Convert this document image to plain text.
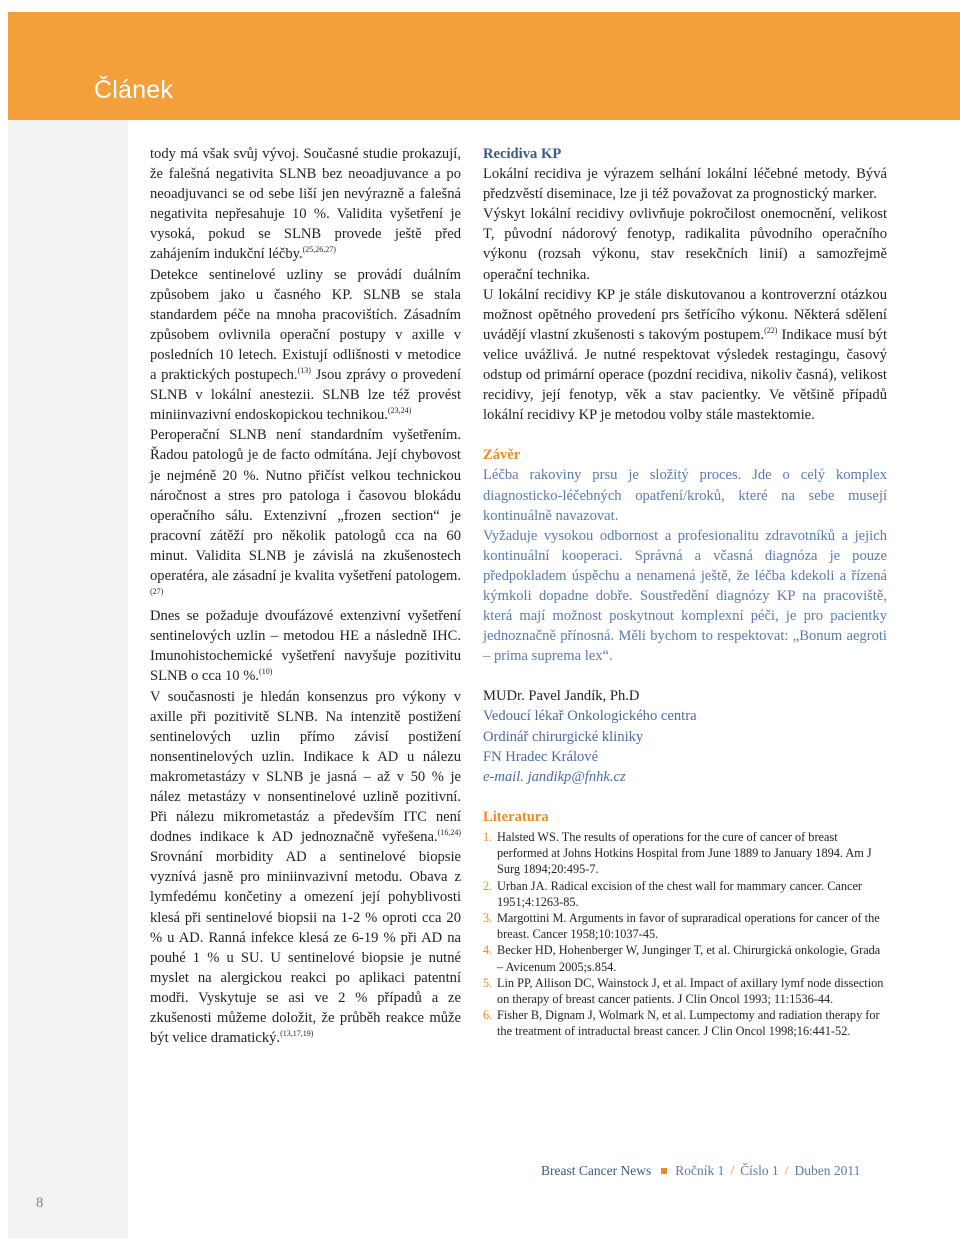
Článek

tody má však svůj vývoj. Současné studie prokazují, že falešná negativita SLNB bez neoadjuvance a po neoadjuvanci se od sebe liší jen nevýrazně a falešná negativita nepřesahuje 10 %. Validita vyšetření je vysoká, pokud se SLNB provede ještě před zahájením indukční léčby.$^{(25,26,27)}$

Detekce sentinelové uzliny se provádí duálním způsobem jako u časného KP. SLNB se stala standardem péče na mnoha pracovištích. Zásadním způsobem ovlivnila operační postupy v axille v posledních 10 letech. Existují odlišnosti v metodice a praktických postupech.$^{(13)}$ Jsou zprávy o provedení SLNB v lokální anestezii. SLNB lze též provést miniinvazivní endoskopickou technikou.$^{(23,24)}$

Peroperační SLNB není standardním vyšetřením. Řadou patologů je de facto odmítána. Její chybovost je nejméně 20 %. Nutno přičíst velkou technickou náročnost a stres pro patologa i časovou blokádu operačního sálu. Extenzivní „frozen section“ je pracovní zátěží pro několik patologů cca na 60 minut. Validita SLNB je závislá na zkušenostech operatéra, ale zásadní je kvalita vyšetření patologem.$^{(27)}$

Dnes se požaduje dvoufázové extenzivní vyšetření sentinelových uzlin – metodou HE a následně IHC. Imunohistochemické vyšetření navyšuje pozitivitu SLNB o cca 10 %.$^{(10)}$

V současnosti je hledán konsenzus pro výkony v axille při pozitivitě SLNB. Na intenzitě postižení sentinelových uzlin přímo závisí postižení nonsentinelových uzlin. Indikace k AD u nálezu makrometastázy v SLNB je jasná – až v 50 % je nález metastázy v nonsentinelové uzlině pozitivní. Při nálezu mikrometastáz a především ITC není dodnes indikace k AD jednoznačně vyřešena.$^{(16,24)}$ Srovnání morbidity AD a sentinelové biopsie vyznívá jasně pro miniinvazivní metodu. Obava z lymfedému končetiny a omezení její pohyblivosti klesá při sentinelové biopsii na 1-2 % oproti cca 20 % u AD. Ranná infekce klesá ze 6-19 % při AD na pouhé 1 % u SU. U sentinelové biopsie je nutné myslet na alergickou reakci po aplikaci patentní modři. Vyskytuje se asi ve 2 % případů a ze zkušenosti můžeme doložit, že průběh reakce může být velice dramatický.$^{(13,17,19)}$

Recidiva KP

Lokální recidiva je výrazem selhání lokální léčebné metody. Bývá předzvěstí diseminace, lze ji též považovat za prognostický marker.

Výskyt lokální recidivy ovlivňuje pokročilost onemocnění, velikost T, původní nádorový fenotyp, radikalita původního operačního výkonu (rozsah výkonu, stav resekčních linií) a samozřejmě operační technika.

U lokální recidivy KP je stále diskutovanou a kontroverzní otázkou možnost opětného provedení prs šetřícího výkonu. Některá sdělení uvádějí vlastní zkušenosti s takovým postupem.$^{(22)}$ Indikace musí být velice uvážlivá. Je nutné respektovat výsledek restagingu, časový odstup od primární operace (pozdní recidiva, nikoliv časná), velikost recidivy, její fenotyp, věk a stav pacientky. Ve většině případů lokální recidivy KP je metodou volby stále mastektomie.

Závěr

Léčba rakoviny prsu je složitý proces. Jde o celý komplex diagnosticko-léčebných opatření/kroků, které na sebe musejí kontinuálně navazovat.

Vyžaduje vysokou odbornost a profesionalitu zdravotníků a jejich kontinuální kooperaci. Správná a včasná diagnóza je pouze předpokladem úspěchu a nenamená ještě, že léčba kdekoli a řízená kýmkoli dopadne dobře. Soustředění diagnózy KP na pracoviště, která mají možnost poskytnout komplexní péči, je pro pacientky jednoznačně přínosná. Měli bychom to respektovat: „Bonum aegroti – prima suprema lex“.

MUDr. Pavel Jandík, Ph.D
Vedoucí lékař Onkologického centra
Ordinář chirurgické kliniky
FN Hradec Králové
e-mail. jandikp@fnhk.cz
Literatura
1. Halsted WS. The results of operations for the cure of cancer of breast performed at Johns Hotkins Hospital from June 1889 to January 1894. Am J Surg 1894;20:495-7.
2. Urban JA. Radical excision of the chest wall for mammary cancer. Cancer 1951;4:1263-85.
3. Margottini M. Arguments in favor of supraradical operations for cancer of the breast. Cancer 1958;10:1037-45.
4. Becker HD, Hohenberger W, Junginger T, et al. Chirurgická onkologie, Grada – Avicenum 2005;s.854.
5. Lin PP, Allison DC, Wainstock J, et al. Impact of axillary lymf node dissection on therapy of breast cancer patients. J Clin Oncol 1993; 11:1536-44.
6. Fisher B, Dignam J, Wolmark N, et al. Lumpectomy and radiation therapy for the treatment of intraductal breast cancer. J Clin Oncol 1998;16:441-52.
Breast Cancer News Ročník 1 / Číslo 1 / Duben 2011
8
